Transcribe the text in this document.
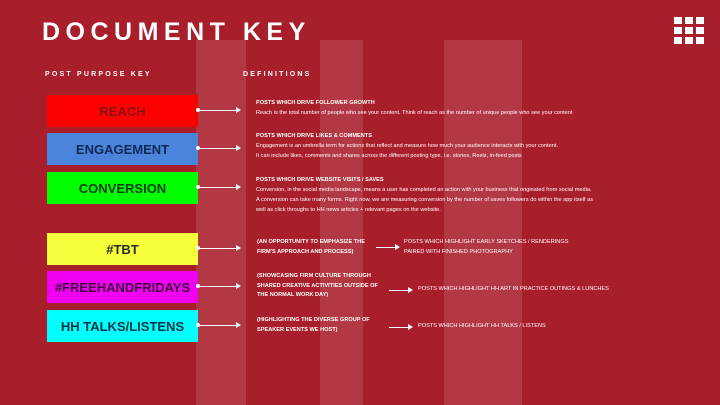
DOCUMENT KEY
POST PURPOSE KEY	DEFINITIONS
REACH
ENGAGEMENT
CONVERSION
#TBT
#FREEHANDFRIDAYS
HH TALKS/LISTENS
POSTS WHICH DRIVE FOLLOWER GROWTH
Reach is the total number of people who see your content. Think of reach as the number of unique people who see your content
POSTS WHICH DRIVE LIKES & COMMENTS
Engagement is an umbrella term for actions that reflect and measure how much your audience interacts with your content.
It can include likes, comments and shares across the different posting type, i.e. stories, Reelz, in-feed posts
POSTS WHICH DRIVE WEBSITE VISITS / SAVES
Conversion, in the social media landscape, means a user has completed an action with your business that originated from social media.
A conversion can take many forms. Right now, we are measuring conversion by the number of saves followers do within the app itself as
well as click throughs to HH news articles + relevant pages on the website.
(AN OPPORTUNITY TO EMPHASIZE THE
FIRM'S APPROACH AND PROCESS)
(SHOWCASING FIRM CULTURE THROUGH
SHARED CREATIVE ACTIVITIES OUTSIDE OF
THE NORMAL WORK DAY)
(HIGHLIGHTING THE DIVERSE GROUP OF
SPEAKER EVENTS WE HOST)
POSTS WHICH HIGHLIGHT EARLY SKETCHES / RENDERINGS
PAIRED WITH FINISHED PHOTOGRAPHY
POSTS WHICH HIGHLIGHT HH ART IN PRACTICE OUTINGS & LUNCHES
POSTS WHICH HIGHLIGHT HH TALKS / LISTENS
